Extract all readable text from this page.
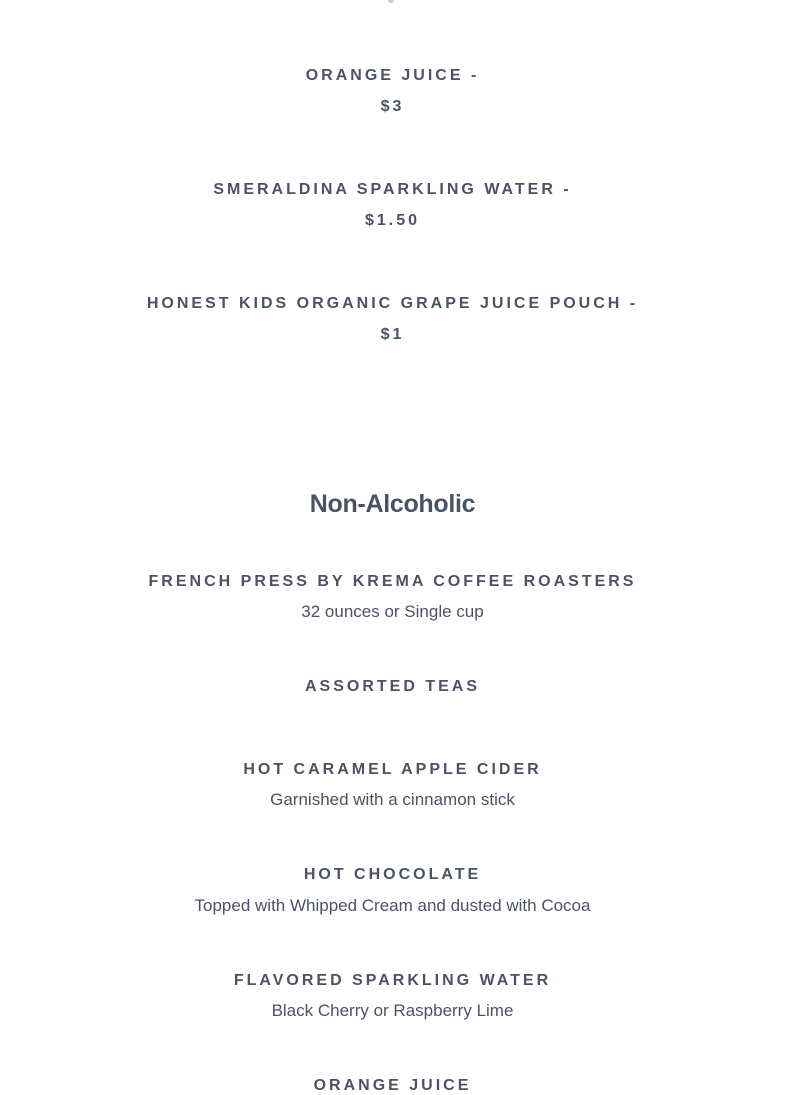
ORANGE JUICE -
$3
SMERALDINA SPARKLING WATER -
$1.50
HONEST KIDS ORGANIC GRAPE JUICE POUCH -
$1
Non-Alcoholic
FRENCH PRESS BY KREMA COFFEE ROASTERS
32 ounces or Single cup
ASSORTED TEAS
HOT CARAMEL APPLE CIDER
Garnished with a cinnamon stick
HOT CHOCOLATE
Topped with Whipped Cream and dusted with Cocoa
FLAVORED SPARKLING WATER
Black Cherry or Raspberry Lime
ORANGE JUICE
